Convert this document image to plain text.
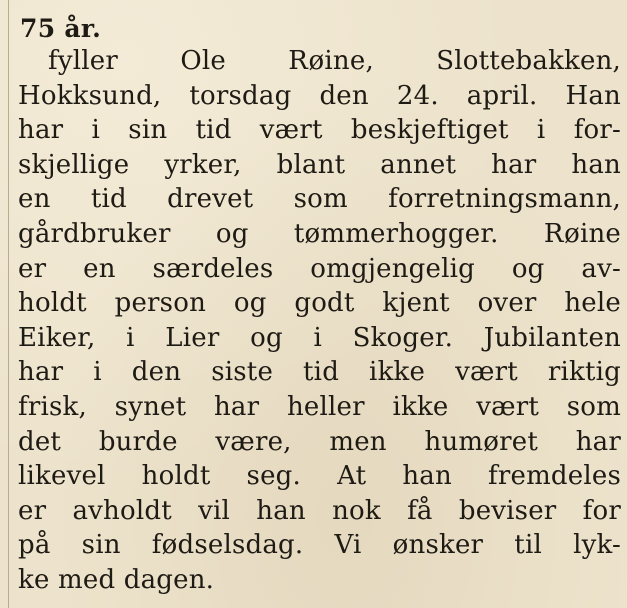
75 år.
fyller Ole Røine, Slottebakken,
Hokksund, torsdag den 24. april. Han
har i sin tid vært beskjeftiget i for-
skjellige yrker, blant annet har han
en tid drevet som forretningsmann,
gårdbruker og tømmerhogger. Røine
er en særdeles omgjengelig og av-
holdt person og godt kjent over hele
Eiker, i Lier og i Skoger. Jubilanten
har i den siste tid ikke vært riktig
frisk, synet har heller ikke vært som
det burde være, men humøret har
likevel holdt seg. At han fremdeles
er avholdt vil han nok få beviser for
på sin fødselsdag. Vi ønsker til lyk-
ke med dagen.
